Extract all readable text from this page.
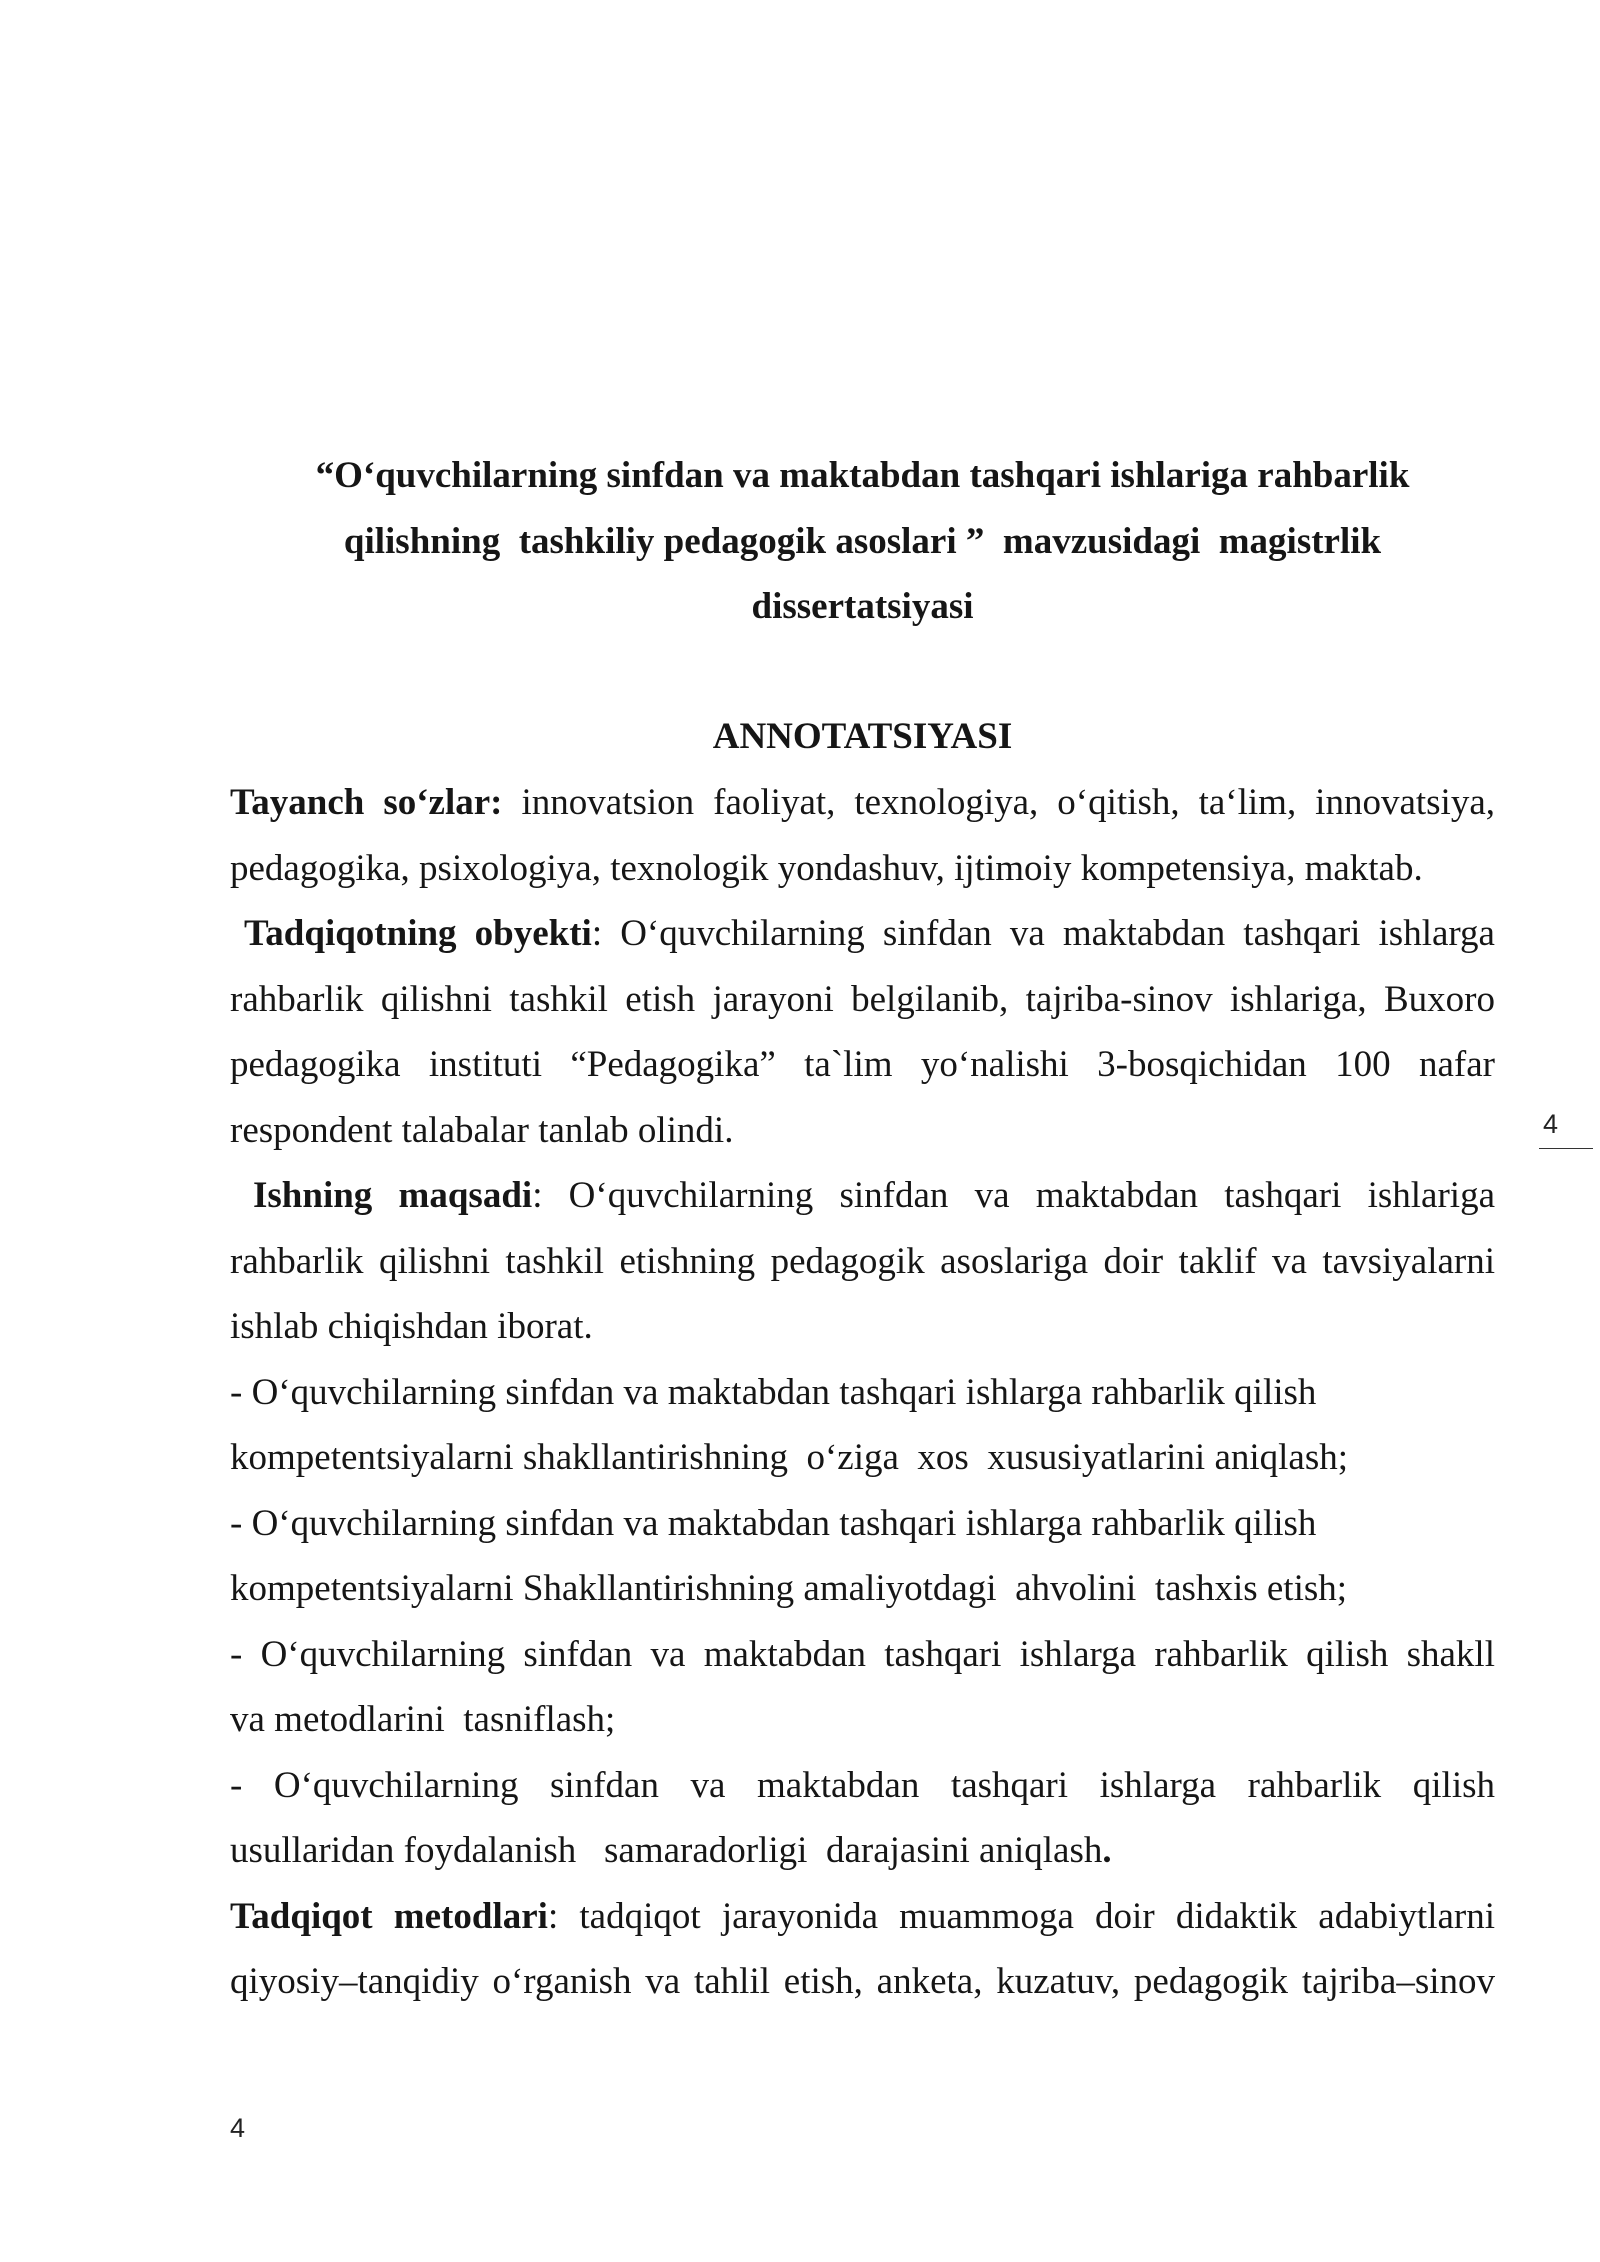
“O‘quvchilarning sinfdan va maktabdan tashqari ishlariga rahbarlik
qilishning  tashkiliy pedagogik asoslari ”  mavzusidagi  magistrlik
dissertatsiyasi
ANNOTATSIYASI
Tayanch so‘zlar: innovatsion faoliyat, texnologiya, o‘qitish, ta‘lim, innovatsiya,
pedagogika, psixologiya, texnologik yondashuv, ijtimoiy kompetensiya, maktab.
Tadqiqotning obyekti: O‘quvchilarning sinfdan va maktabdan tashqari ishlarga
rahbarlik qilishni tashkil etish jarayoni belgilanib, tajriba-sinov ishlariga, Buxoro
pedagogika instituti “Pedagogika” ta`lim yo‘nalishi 3-bosqichidan 100 nafar
respondent talabalar tanlab olindi.
Ishning maqsadi: O‘quvchilarning sinfdan va maktabdan tashqari ishlariga
rahbarlik qilishni tashkil etishning pedagogik asoslariga doir taklif va tavsiyalarni
ishlab chiqishdan iborat.
- O‘quvchilarning sinfdan va maktabdan tashqari ishlarga rahbarlik qilish
kompetentsiyalarni shakllantirishning  o‘ziga  xos  xususiyatlarini aniqlash;
- O‘quvchilarning sinfdan va maktabdan tashqari ishlarga rahbarlik qilish
kompetentsiyalarni Shakllantirishning amaliyotdagi  ahvolini  tashxis etish;
- O‘quvchilarning sinfdan va maktabdan tashqari ishlarga rahbarlik qilish shakll
va metodlarini  tasniflash;
- O‘quvchilarning sinfdan va maktabdan tashqari ishlarga rahbarlik qilish
usullaridan foydalanish   samaradorligi  darajasini aniqlash.
Tadqiqot metodlari: tadqiqot jarayonida muammoga doir didaktik adabiytlarni
qiyosiy–tanqidiy o‘rganish va tahlil etish, anketa, kuzatuv, pedagogik tajriba–sinov
4
4
